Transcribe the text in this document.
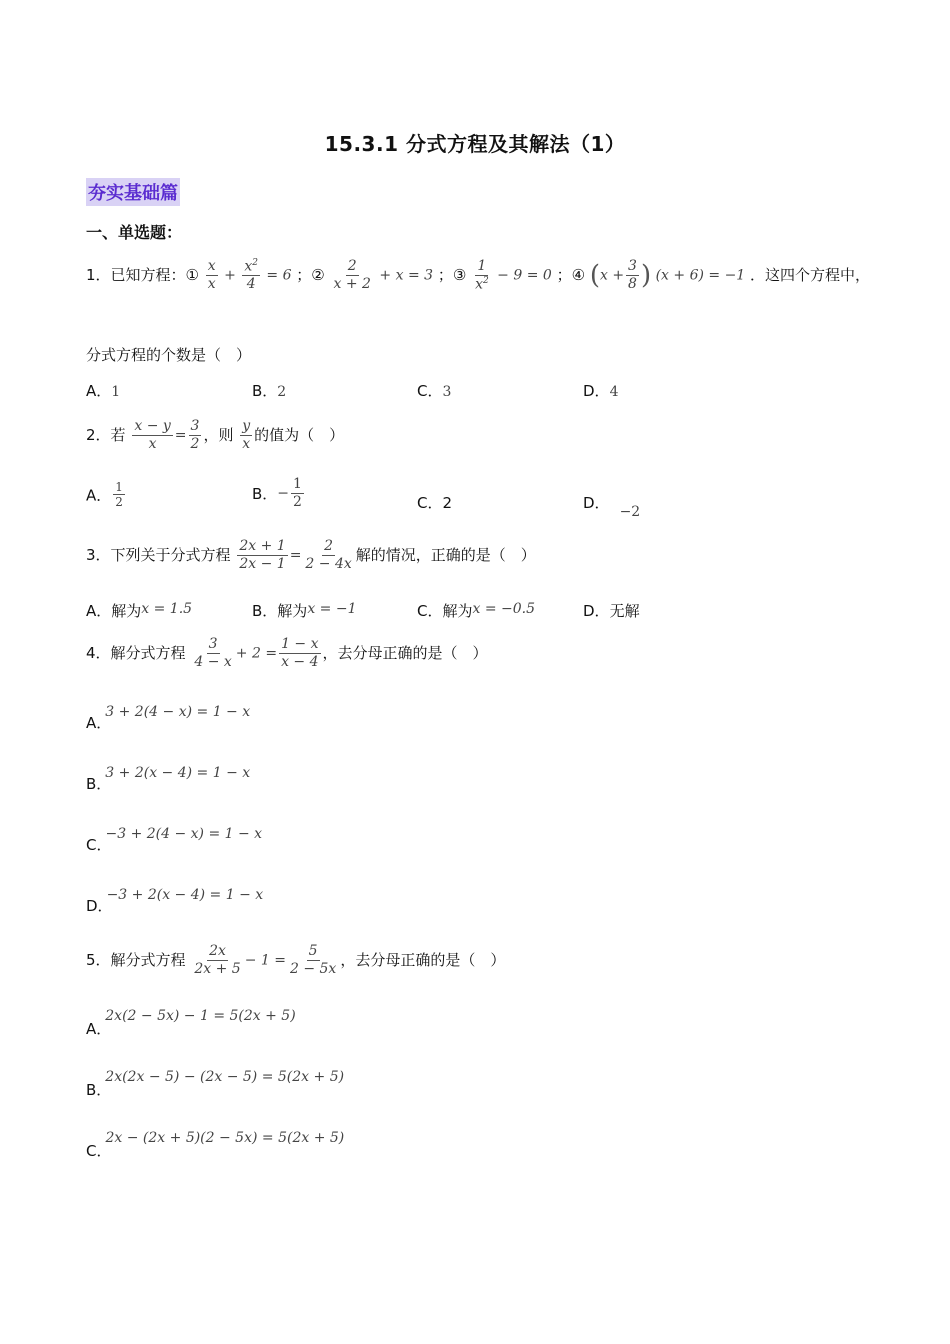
15.3.1 分式方程及其解法（1）
夯实基础篇
一、单选题：
1．已知方程：① $\frac{x}{x} + \frac{x^2}{4} = 6$ ；② $\frac{2}{x + 2} + x = 3$ ；③ $\frac{1}{x^2} - 9 = 0$ ；④ ($x + \frac{3}{8}$ ) (x + 6) = −1 ．这四个方程中，
分式方程的个数是（　）
A．1	B．2	C．3	D．4
2．若 $\frac{x - y}{x} = \frac{3}{2}$ ，则 $\frac{y}{x}$ 的值为（　）
A． $\frac{1}{2}$	B．− $\frac{1}{2}$	C．2	D． −2
3．下列关于分式方程 $\frac{2x + 1}{2x - 1} = \frac{2}{2 - 4x}$ 解的情况，正确的是（　）
A．解为x = 1.5	B．解为x = −1	C．解为x = −0.5	D．无解
4．解分式方程 $\frac{3}{4 - x} + 2 = \frac{1 - x}{x - 4}$ ，去分母正确的是（　）
A．3 + 2(4 − x) = 1 − x
B．3 + 2(x − 4) = 1 − x
C．−3 + 2(4 − x) = 1 − x
D．−3 + 2(x − 4) = 1 − x
5．解分式方程 $\frac{2x}{2x + 5} - 1 = \frac{5}{2 - 5x}$ ，去分母正确的是（　）
A．2x(2 − 5x) − 1 = 5(2x + 5)
B．2x(2x − 5) − (2x − 5) = 5(2x + 5)
C．2x − (2x + 5)(2 − 5x) = 5(2x + 5)
